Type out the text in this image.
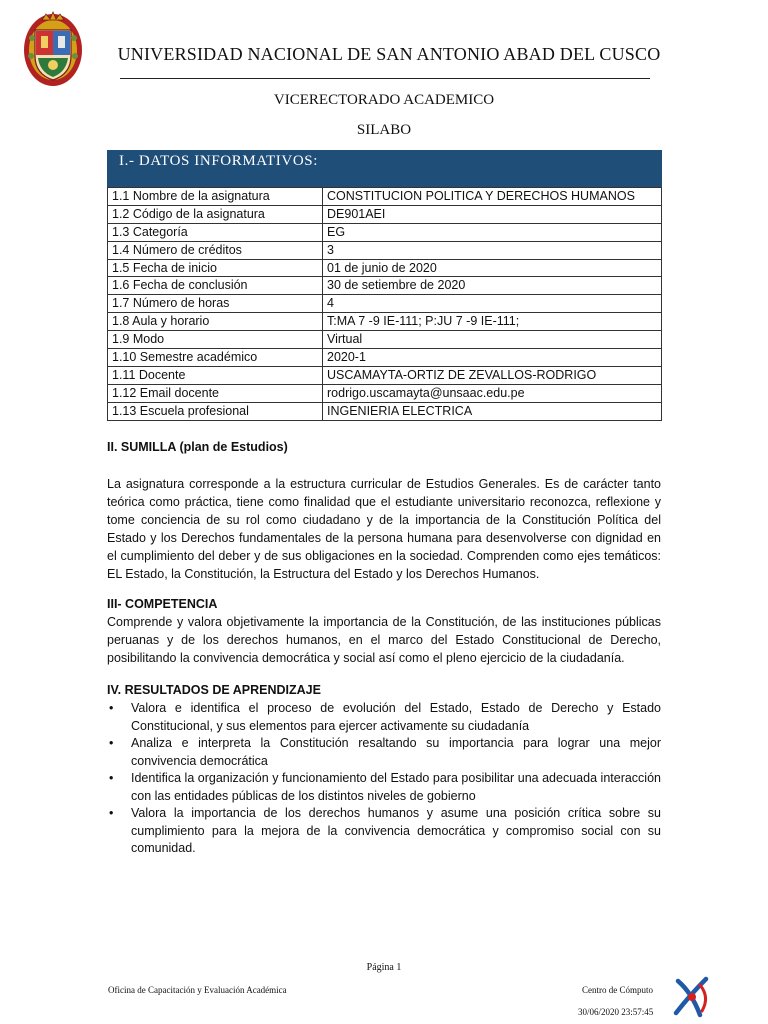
UNIVERSIDAD NACIONAL DE SAN ANTONIO ABAD DEL CUSCO
VICERECTORADO ACADEMICO
SILABO
I.- DATOS INFORMATIVOS:
1.1 Nombre de la asignatura	CONSTITUCION POLITICA Y DERECHOS HUMANOS
1.2 Código de la asignatura	DE901AEI
1.3 Categoría	EG
1.4 Número de créditos	3
1.5 Fecha de inicio	01 de junio de 2020
1.6 Fecha de conclusión	30 de setiembre de 2020
1.7 Número de horas	4
1.8 Aula y horario	T:MA 7 -9 IE-111; P:JU 7 -9 IE-111;
1.9 Modo	Virtual
1.10 Semestre académico	2020-1
1.11 Docente	USCAMAYTA-ORTIZ DE ZEVALLOS-RODRIGO
1.12 Email docente	rodrigo.uscamayta@unsaac.edu.pe
1.13 Escuela profesional	INGENIERIA ELECTRICA
II. SUMILLA (plan de Estudios)

La asignatura corresponde a la estructura curricular de Estudios Generales. Es de carácter tanto teórica como práctica, tiene como finalidad que el estudiante universitario reconozca, reflexione y tome conciencia de su rol como ciudadano y de la importancia de la Constitución Política del Estado y los Derechos fundamentales de la persona humana para desenvolverse con dignidad en el cumplimiento del deber y de sus obligaciones en la sociedad. Comprenden como ejes temáticos: EL Estado, la Constitución, la Estructura del Estado y los Derechos Humanos.

III- COMPETENCIA

Comprende y valora objetivamente la importancia de la Constitución, de las instituciones públicas peruanas y de los derechos humanos, en el marco del Estado Constitucional de Derecho, posibilitando la convivencia democrática y social así como el pleno ejercicio de la ciudadanía.

IV. RESULTADOS DE APRENDIZAJE
• Valora e identifica el proceso de evolución del Estado, Estado de Derecho y Estado Constitucional, y sus elementos para ejercer activamente su ciudadanía
• Analiza e interpreta la Constitución resaltando su importancia para lograr una mejor convivencia democrática
• Identifica la organización y funcionamiento del Estado para posibilitar una adecuada interacción con las entidades públicas de los distintos niveles de gobierno
• Valora la importancia de los derechos humanos y asume una posición crítica sobre su cumplimiento para la mejora de la convivencia democrática y compromiso social con su comunidad.
Página 1
Oficina de Capacitación y Evaluación Académica	Centro de Cómputo
30/06/2020 23:57:45
